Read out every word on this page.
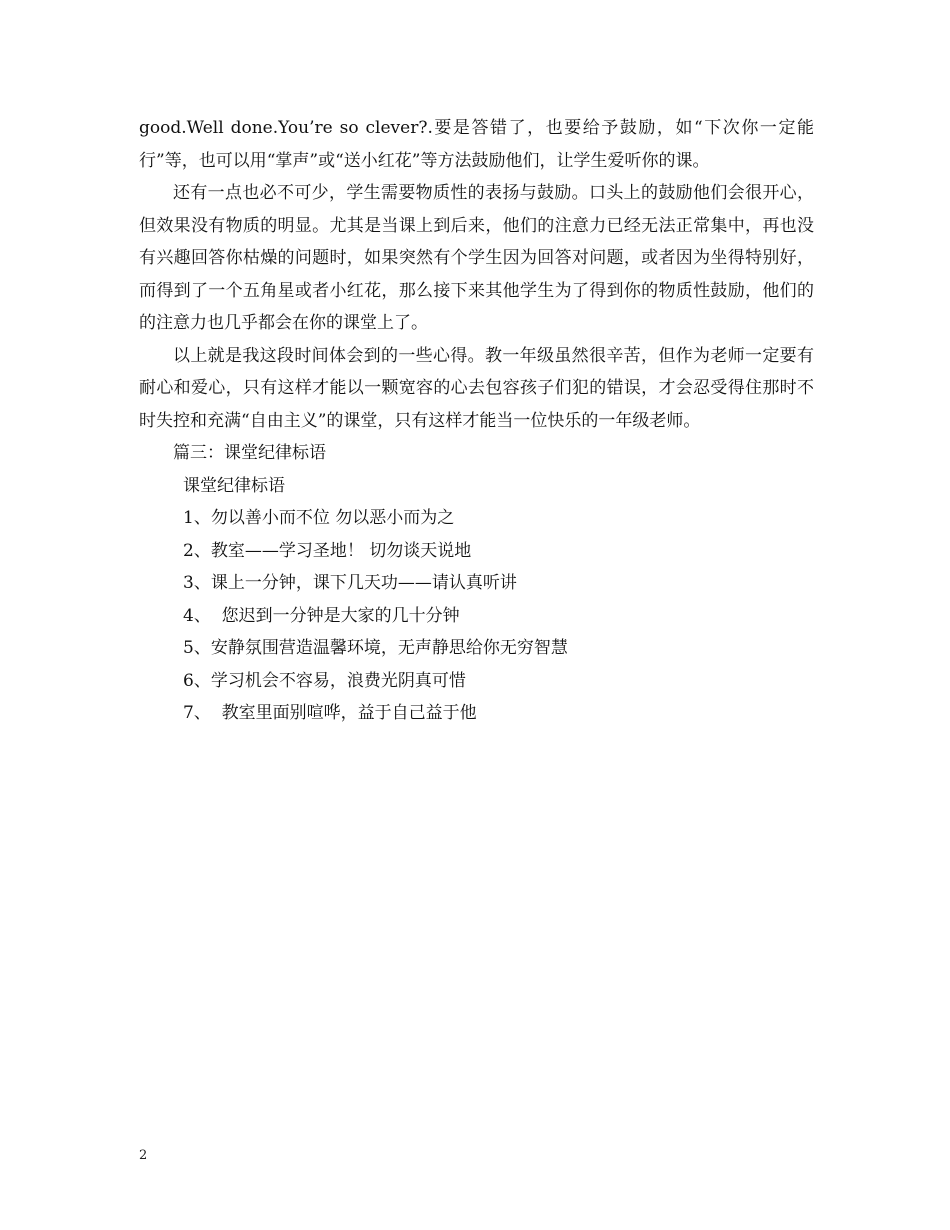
good.Well done.You’re so clever?.要是答错了，也要给予鼓励，如“下次你一定能行”等，也可以用“掌声”或“送小红花”等方法鼓励他们，让学生爱听你的课。

还有一点也必不可少，学生需要物质性的表扬与鼓励。口头上的鼓励他们会很开心，但效果没有物质的明显。尤其是当课上到后来，他们的注意力已经无法正常集中，再也没有兴趣回答你枯燥的问题时，如果突然有个学生因为回答对问题，或者因为坐得特别好，而得到了一个五角星或者小红花，那么接下来其他学生为了得到你的物质性鼓励，他们的的注意力也几乎都会在你的课堂上了。

以上就是我这段时间体会到的一些心得。教一年级虽然很辛苦，但作为老师一定要有耐心和爱心，只有这样才能以一颗宽容的心去包容孩子们犯的错误，才会忍受得住那时不时失控和充满“自由主义”的课堂，只有这样才能当一位快乐的一年级老师。

篇三：课堂纪律标语

课堂纪律标语

1、勿以善小而不位 勿以恶小而为之

2、教室——学习圣地！ 切勿谈天说地

3、课上一分钟，课下几天功——请认真听讲

4、  您迟到一分钟是大家的几十分钟

5、安静氛围营造温馨环境，无声静思给你无穷智慧

6、学习机会不容易，浪费光阴真可惜

7、  教室里面别喧哗，益于自己益于他

2
